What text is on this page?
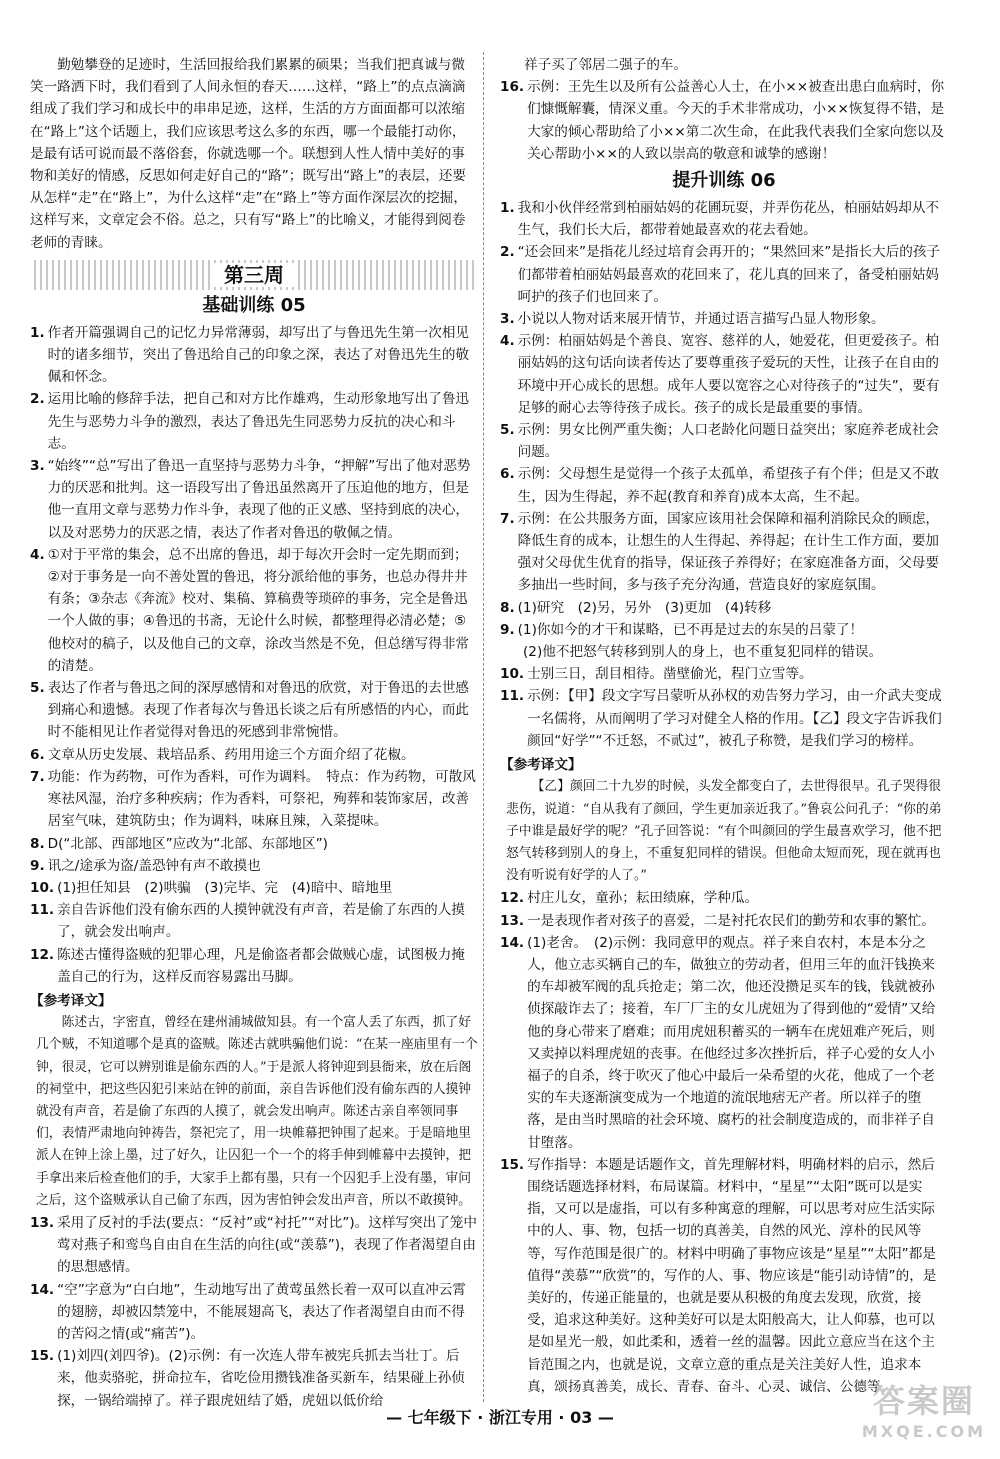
勤勉攀登的足迹时，生活回报给我们累累的硕果；当我们把真诚与微笑一路洒下时，我们看到了人间永恒的春天……这样，“路上”的点点滴滴组成了我们学习和成长中的串串足迹，这样，生活的方方面面都可以浓缩在“路上”这个话题上，我们应该思考这么多的东西，哪一个最能打动你，是最有话可说而最不落俗套，你就选哪一个。联想到人性人情中美好的事物和美好的情感，反思如何走好自己的“路”；既写出“路上”的表层，还要从怎样“走”在“路上”，为什么这样“走”在“路上”等方面作深层次的挖掘，这样写来，文章定会不俗。总之，只有写“路上”的比喻义，才能得到阅卷老师的青睐。

第三周
基础训练 05
1. 作者开篇强调自己的记忆力异常薄弱，却写出了与鲁迅先生第一次相见时的诸多细节，突出了鲁迅给自己的印象之深，表达了对鲁迅先生的敬佩和怀念。
2. 运用比喻的修辞手法，把自己和对方比作雄鸡，生动形象地写出了鲁迅先生与恶势力斗争的激烈，表达了鲁迅先生同恶势力反抗的决心和斗志。
3. “始终”“总”写出了鲁迅一直坚持与恶势力斗争，“押解”写出了他对恶势力的厌恶和批判。这一语段写出了鲁迅虽然离开了压迫他的地方，但是他一直用文章与恶势力作斗争，表现了他的正义感、坚持到底的决心，以及对恶势力的厌恶之情，表达了作者对鲁迅的敬佩之情。
4. ①对于平常的集会，总不出席的鲁迅，却于每次开会时一定先期而到；②对于事务是一向不善处置的鲁迅，将分派给他的事务，也总办得井井有条；③杂志《奔流》校对、集稿、算稿费等琐碎的事务，完全是鲁迅一个人做的事；④鲁迅的书斋，无论什么时候，都整理得必清必楚；⑤他校对的稿子，以及他自己的文章，涂改当然是不免，但总缮写得非常的清楚。
5. 表达了作者与鲁迅之间的深厚感情和对鲁迅的欣赏，对于鲁迅的去世感到痛心和遗憾。表现了作者每次与鲁迅长谈之后有所感悟的内心，而此时不能相见让作者觉得对鲁迅的死感到非常惋惜。
6. 文章从历史发展、栽培品系、药用用途三个方面介绍了花椒。
7. 功能：作为药物，可作为香料，可作为调料。　特点：作为药物，可散风寒祛风湿，治疗多种疾病；作为香料，可祭祀，殉葬和装饰家居，改善居室气味，建筑防虫；作为调料，味麻且辣，入菜提味。
8. D(“北部、西部地区”应改为“北部、东部地区”)
9. 讯之/途承为盗/盖恐钟有声不敢摸也
10. (1)担任知县　(2)哄骗　(3)完毕、完　(4)暗中、暗地里
11. 亲自告诉他们没有偷东西的人摸钟就没有声音，若是偷了东西的人摸了，就会发出响声。
12. 陈述古懂得盗贼的犯罪心理，凡是偷盗者都会做贼心虚，试图极力掩盖自己的行为，这样反而容易露出马脚。
【参考译文】

陈述古，字密直，曾经在建州浦城做知县。有一个富人丢了东西，抓了好几个贼，不知道哪个是真的盗贼。陈述古就哄骗他们说：“在某一座庙里有一个钟，很灵，它可以辨别谁是偷东西的人。”于是派人将钟迎到县衙来，放在后阁的祠堂中，把这些囚犯引来站在钟的前面，亲自告诉他们没有偷东西的人摸钟就没有声音，若是偷了东西的人摸了，就会发出响声。陈述古亲自率领同事们，表情严肃地向钟祷告，祭祀完了，用一块帷幕把钟围了起来。于是暗地里派人在钟上涂上墨，过了好久，让囚犯一个一个的将手伸到帷幕中去摸钟，把手拿出来后检查他们的手，大家手上都有墨，只有一个囚犯手上没有墨，审问之后，这个盗贼承认自己偷了东西，因为害怕钟会发出声音，所以不敢摸钟。

13. 采用了反衬的手法(要点：“反衬”或“衬托”“对比”)。这样写突出了笼中莺对燕子和鸾鸟自由自在生活的向往(或“羡慕”)，表现了作者渴望自由的思想感情。
14. “空”字意为“白白地”，生动地写出了黄莺虽然长着一双可以直冲云霄的翅膀，却被囚禁笼中，不能展翅高飞，表达了作者渴望自由而不得的苦闷之情(或“痛苦”)。
15. (1)刘四(刘四爷)。(2)示例：有一次连人带车被宪兵抓去当壮丁。后来，他卖骆驼，拼命拉车，省吃俭用攒钱准备买新车，结果碰上孙侦探，一锅给端掉了。祥子跟虎妞结了婚，虎妞以低价给

祥子买了邻居二强子的车。

16. 示例：王先生以及所有公益善心人士，在小××被查出患白血病时，你们慷慨解囊，情深义重。今天的手术非常成功，小××恢复得不错，是大家的倾心帮助给了小××第二次生命，在此我代表我们全家向您以及关心帮助小××的人致以崇高的敬意和诚挚的感谢！
提升训练 06
1. 我和小伙伴经常到柏丽姑妈的花圃玩耍，并弄伤花丛，柏丽姑妈却从不生气，我们长大后，都带着她最喜欢的花去看她。
2. “还会回来”是指花儿经过培育会再开的；“果然回来”是指长大后的孩子们都带着柏丽姑妈最喜欢的花回来了，花儿真的回来了，备受柏丽姑妈呵护的孩子们也回来了。
3. 小说以人物对话来展开情节，并通过语言描写凸显人物形象。
4. 示例：柏丽姑妈是个善良、宽容、慈祥的人，她爱花，但更爱孩子。柏丽姑妈的这句话向读者传达了要尊重孩子爱玩的天性，让孩子在自由的环境中开心成长的思想。成年人要以宽容之心对待孩子的“过失”，要有足够的耐心去等待孩子成长。孩子的成长是最重要的事情。
5. 示例：男女比例严重失衡；人口老龄化问题日益突出；家庭养老成社会问题。
6. 示例：父母想生是觉得一个孩子太孤单，希望孩子有个伴；但是又不敢生，因为生得起，养不起(教育和养育)成本太高，生不起。
7. 示例：在公共服务方面，国家应该用社会保障和福利消除民众的顾虑，降低生育的成本，让想生的人生得起、养得起；在计生工作方面，要加强对父母优生优育的指导，保证孩子养得好；在家庭准备方面，父母要多抽出一些时间，多与孩子充分沟通，营造良好的家庭氛围。
8. (1)研究　(2)另，另外　(3)更加　(4)转移
9. (1)你如今的才干和谋略，已不再是过去的东吴的吕蒙了！
(2)他不把怒气转移到别人的身上，也不重复犯同样的错误。
10. 士别三日，刮目相待。凿壁偷光，程门立雪等。
11. 示例：【甲】段文字写吕蒙听从孙权的劝告努力学习，由一介武夫变成一名儒将，从而阐明了学习对健全人格的作用。【乙】段文字告诉我们颜回“好学”“不迁怒，不贰过”，被孔子称赞，是我们学习的榜样。
【参考译文】

【乙】颜回二十九岁的时候，头发全都变白了，去世得很早。孔子哭得很悲伤，说道：“自从我有了颜回，学生更加亲近我了。”鲁哀公问孔子：“你的弟子中谁是最好学的呢？”孔子回答说：“有个叫颜回的学生最喜欢学习，他不把怒气转移到别人的身上，不重复犯同样的错误。但他命太短而死，现在就再也没有听说有好学的人了。”

12. 村庄儿女，童孙；耘田绩麻，学种瓜。
13. 一是表现作者对孩子的喜爱，二是衬托农民们的勤劳和农事的繁忙。
14. (1)老舍。　(2)示例：我同意甲的观点。祥子来自农村，本是本分之人，他立志买辆自己的车，做独立的劳动者，但用三年的血汗钱换来的车却被军阀的乱兵抢走；第二次，他还没攒足买车的钱，钱就被孙侦探敲诈去了；接着，车厂厂主的女儿虎妞为了得到他的“爱情”又给他的身心带来了磨难；而用虎妞积蓄买的一辆车在虎妞难产死后，则又卖掉以料理虎妞的丧事。在他经过多次挫折后，祥子心爱的女人小福子的自杀，终于吹灭了他心中最后一朵希望的火花，他成了一个老实的车夫逐渐演变成为一个地道的流氓地痞无产者。所以祥子的堕落，是由当时黑暗的社会环境、腐朽的社会制度造成的，而非祥子自甘堕落。
15. 写作指导：本题是话题作文，首先理解材料，明确材料的启示，然后围绕话题选择材料，布局谋篇。材料中，“星星”“太阳”既可以是实指，又可以是虚指，可以有多种寓意的理解，可以思考对应生活实际中的人、事、物，包括一切的真善美，自然的风光、淳朴的民风等等，写作范围是很广的。材料中明确了事物应该是“星星”“太阳”都是值得“羡慕”“欣赏”的，写作的人、事、物应该是“能引动诗情”的，是美好的，传递正能量的，也就是要从积极的角度去发现，欣赏，接受，追求这种美好。这种美好可以是太阳般高大，让人仰慕，也可以是如星光一般，如此柔和，透着一丝的温馨。因此立意应当在这个主旨范围之内，也就是说，文章立意的重点是关注美好人性，追求本真，颂扬真善美，成长、青春、奋斗、心灵、诚信、公德等。
— 七年级下 · 浙江专用 · 03 —	答案圈
MXQE.COM
